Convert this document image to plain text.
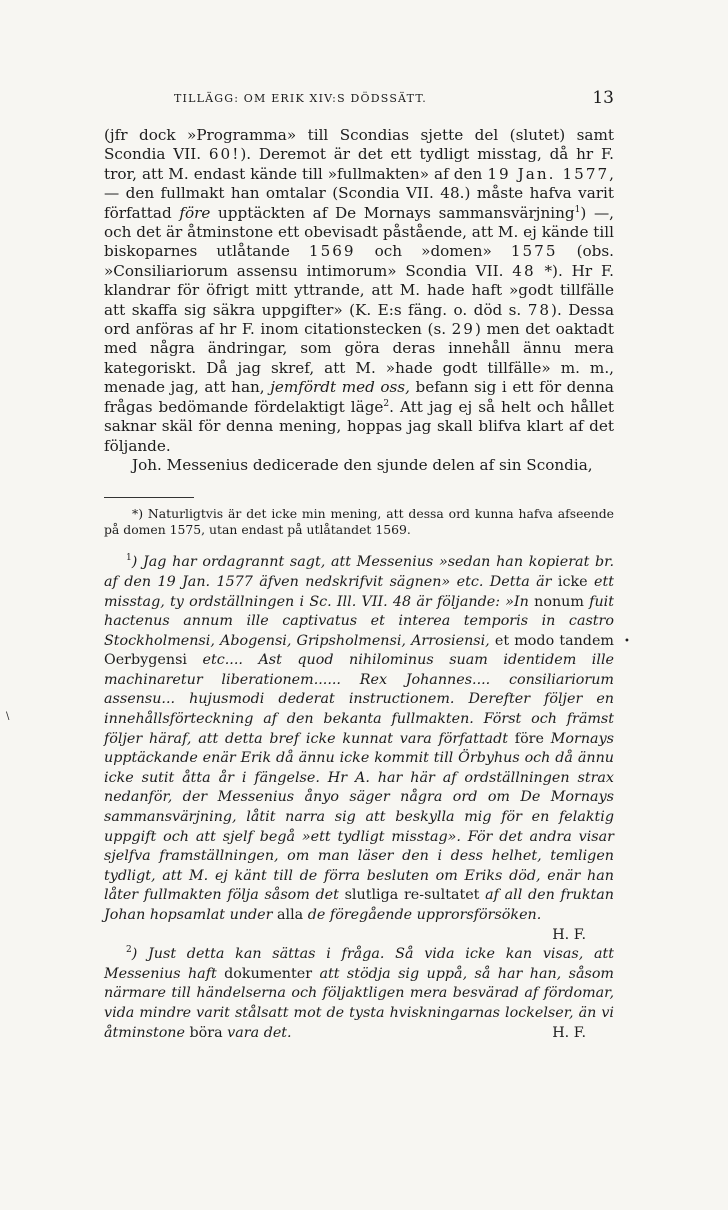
TILLÄGG: OM ERIK XIV:S DÖDSSÄTT.	13

(jfr dock »Programma» till Scondias sjette del (slutet) samt Scondia VII. 60!). Deremot är det ett tydligt misstag, då hr F. tror, att M. endast kände till »fullmakten» af den 19 Jan. 1577, — den fullmakt han omtalar (Scondia VII. 48.) måste hafva varit författad före upptäckten af De Mornays sammansvärjning$^1$) —, och det är åtminstone ett obevisadt påstående, att M. ej kände till biskoparnes utlåtande 1569 och »domen» 1575 (obs. »Consiliariorum assensu intimorum» Scondia VII. 48 *). Hr F. klandrar för öfrigt mitt yttrande, att M. hade haft »godt tillfälle att skaffa sig säkra uppgifter» (K. E:s fäng. o. död s. 78). Dessa ord anföras af hr F. inom citationstecken (s. 29) men det oaktadt med några ändringar, som göra deras innehåll ännu mera kategoriskt. Då jag skref, att M. »hade godt tillfälle» m. m., menade jag, att han, jemfördt med oss, befann sig i ett för denna frågas bedömande fördelaktigt läge$^2$. Att jag ej så helt och hållet saknar skäl för denna mening, hoppas jag skall blifva klart af det följande.

Joh. Messenius dedicerade den sjunde delen af sin Scondia,

*) Naturligtvis är det icke min mening, att dessa ord kunna hafva afseende på domen 1575, utan endast på utlåtandet 1569.

$^1$) Jag har ordagrannt sagt, att Messenius »sedan han kopierat br. af den 19 Jan. 1577 äfven nedskrifvit sägnen» etc. Detta är icke ett misstag, ty ordställningen i Sc. Ill. VII. 48 är följande: »In nonum fuit hactenus annum ille captivatus et interea temporis in castro Stockholmensi, Abogensi, Gripsholmensi, Arrosiensi, et modo tandem Oerbygensi etc.... Ast quod nihilominus suam identidem ille machinaretur liberationem...... Rex Johannes.... consiliariorum assensu... hujusmodi dederat instructionem. Derefter följer en innehållsförteckning af den bekanta fullmakten. Först och främst följer häraf, att detta bref icke kunnat vara författadt före Mornays upptäckande enär Erik då ännu icke kommit till Örbyhus och då ännu icke sutit åtta år i fängelse. Hr A. har här af ordställningen strax nedanför, der Messenius ånyo säger några ord om De Mornays sammansvärjning, låtit narra sig att beskylla mig för en felaktig uppgift och att sjelf begå »ett tydligt misstag». För det andra visar sjelfva framställningen, om man läser den i dess helhet, temligen tydligt, att M. ej känt till de förra besluten om Eriks död, enär han låter fullmakten följa såsom det slutliga re-sultatet af all den fruktan Johan hopsamlat under alla de föregående upprorsförsöken.
H. F.

$^2$) Just detta kan sättas i fråga. Så vida icke kan visas, att Messenius haft dokumenter att stödja sig uppå, så har han, såsom närmare till händelserna och följaktligen mera besvärad af fördomar, vida mindre varit stålsatt mot de tysta hviskningarnas lockelser, än vi åtminstone böra vara det.	H. F.

•
\
